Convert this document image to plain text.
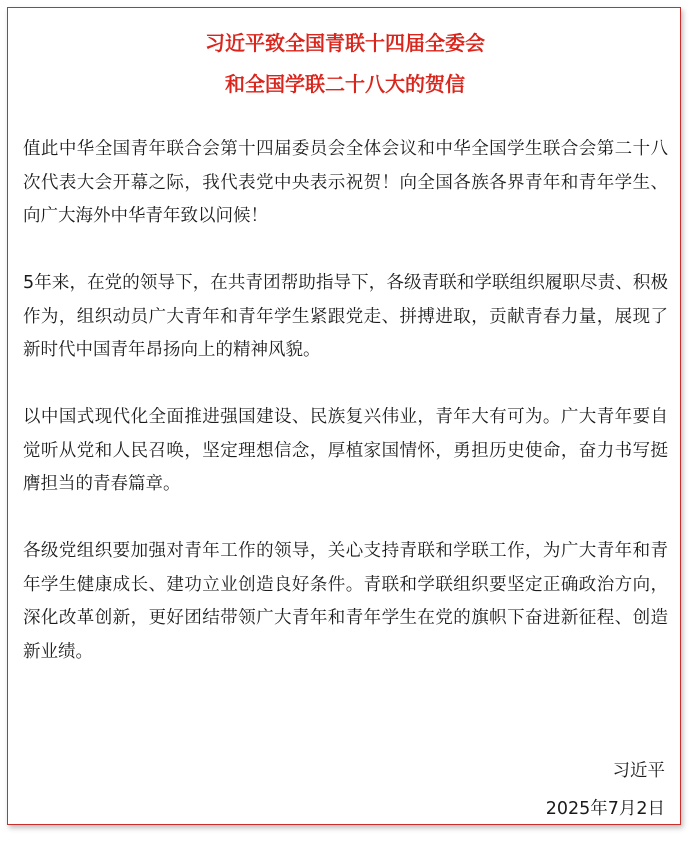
习近平致全国青联十四届全委会
和全国学联二十八大的贺信

值此中华全国青年联合会第十四届委员会全体会议和中华全国学生联合会第二十八次代表大会开幕之际，我代表党中央表示祝贺！向全国各族各界青年和青年学生、向广大海外中华青年致以问候！

5年来，在党的领导下，在共青团帮助指导下，各级青联和学联组织履职尽责、积极作为，组织动员广大青年和青年学生紧跟党走、拼搏进取，贡献青春力量，展现了新时代中国青年昂扬向上的精神风貌。

以中国式现代化全面推进强国建设、民族复兴伟业，青年大有可为。广大青年要自觉听从党和人民召唤，坚定理想信念，厚植家国情怀，勇担历史使命，奋力书写挺膺担当的青春篇章。

各级党组织要加强对青年工作的领导，关心支持青联和学联工作，为广大青年和青年学生健康成长、建功立业创造良好条件。青联和学联组织要坚定正确政治方向，深化改革创新，更好团结带领广大青年和青年学生在党的旗帜下奋进新征程、创造新业绩。

习近平

2025年7月2日
